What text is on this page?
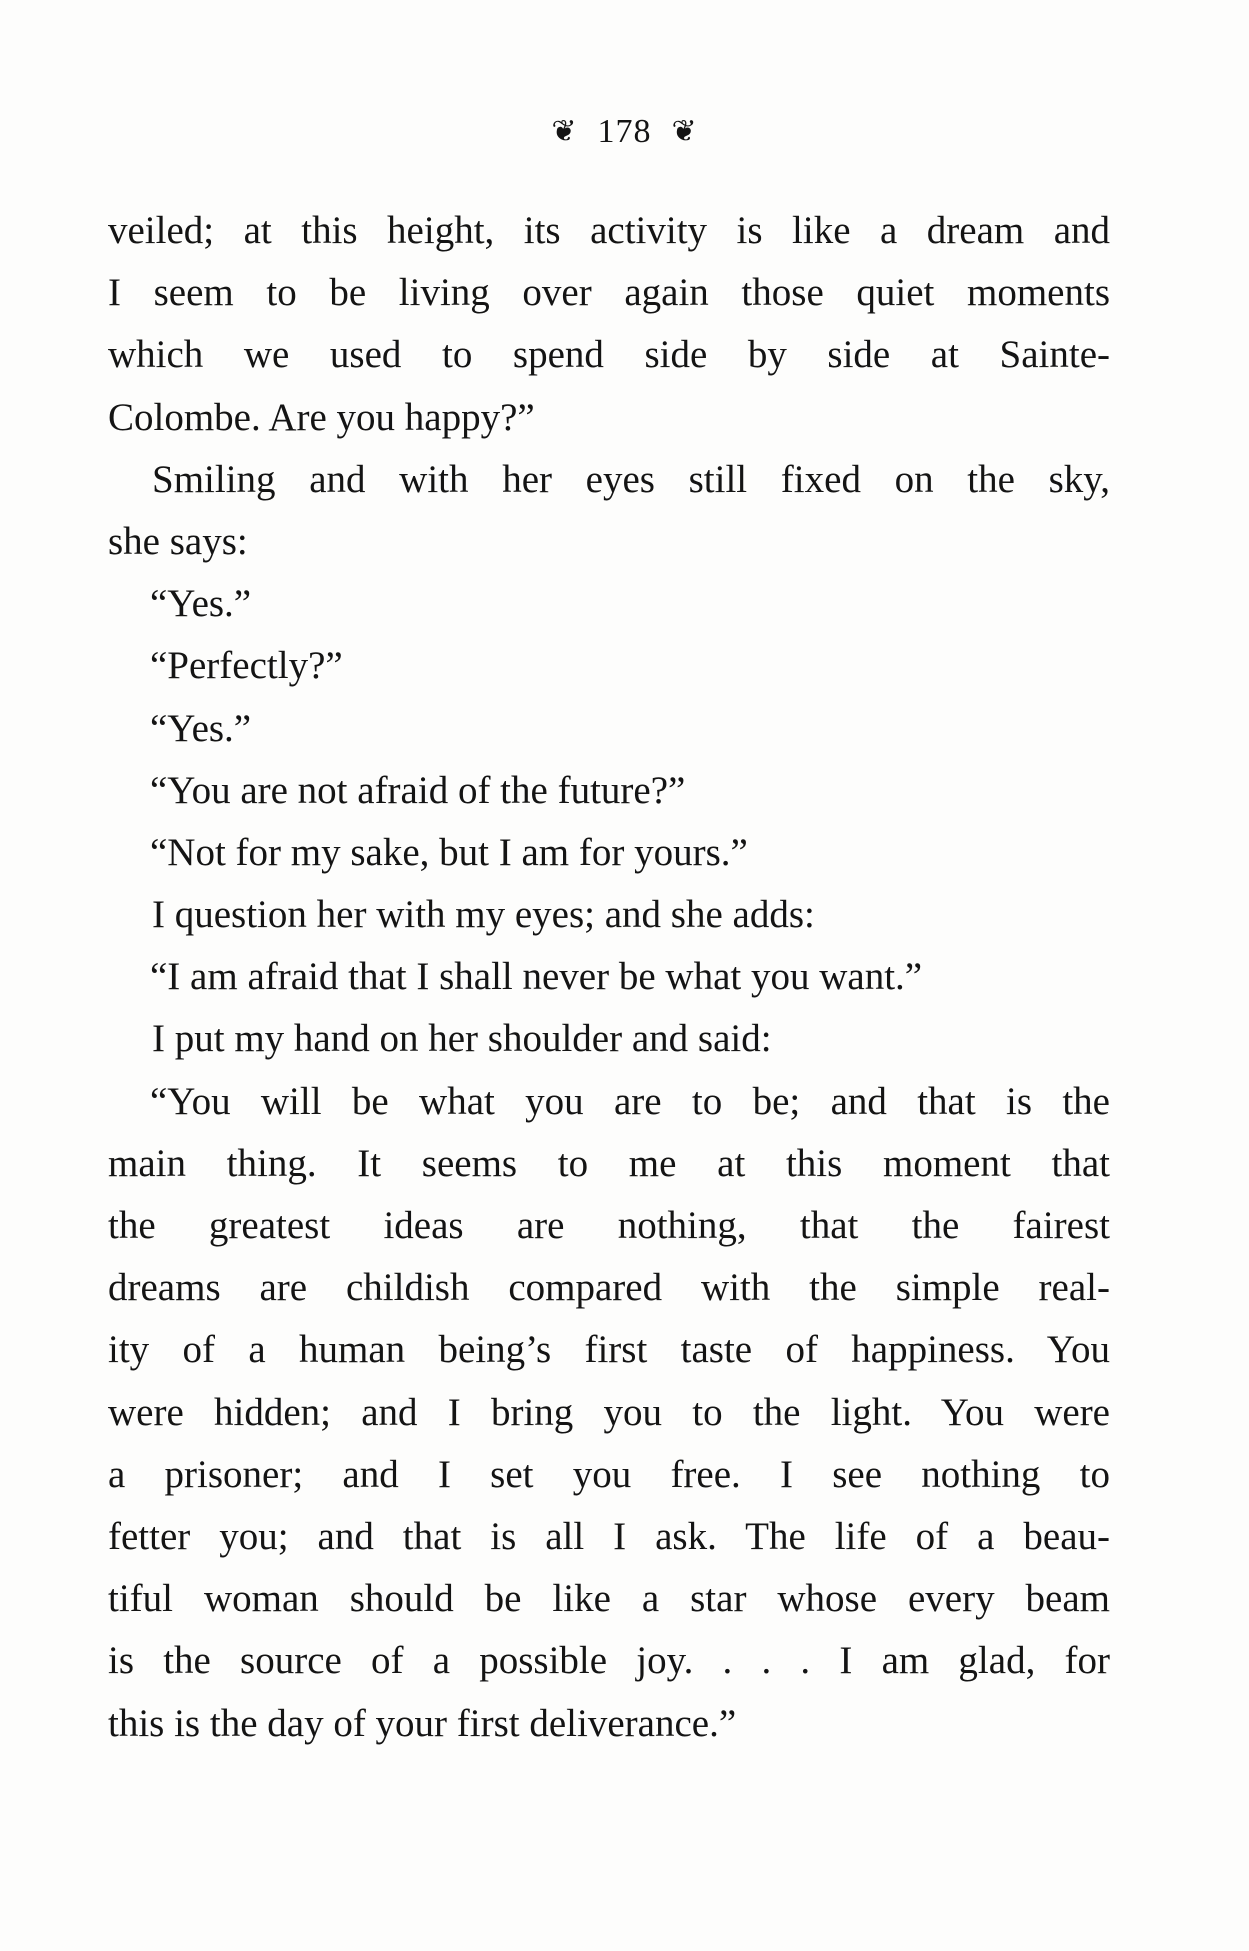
❦ 178 ❦
veiled; at this height, its activity is like a dream and
I seem to be living over again those quiet moments
which we used to spend side by side at Sainte-
Colombe. Are you happy?”
Smiling and with her eyes still fixed on the sky,
she says:
“Yes.”
“Perfectly?”
“Yes.”
“You are not afraid of the future?”
“Not for my sake, but I am for yours.”
I question her with my eyes; and she adds:
“I am afraid that I shall never be what you want.”
I put my hand on her shoulder and said:
“You will be what you are to be; and that is the
main thing. It seems to me at this moment that
the greatest ideas are nothing, that the fairest
dreams are childish compared with the simple real-
ity of a human being’s first taste of happiness. You
were hidden; and I bring you to the light. You were
a prisoner; and I set you free. I see nothing to
fetter you; and that is all I ask. The life of a beau-
tiful woman should be like a star whose every beam
is the source of a possible joy. . . . I am glad, for
this is the day of your first deliverance.”
